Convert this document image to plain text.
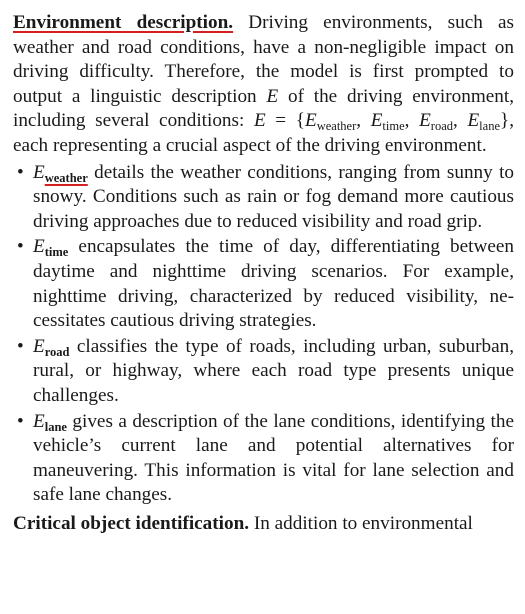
Environment description. Driving environments, such as weather and road conditions, have a non-negligible impact on driving difficulty. Therefore, the model is first prompted to output a linguistic description E of the driving environment, including several conditions: $E = \{E_{weather}$, $E_{time}$, $E_{road}$, $E_{lane}$}, each representing a crucial aspect of the driving environment.

• $E_{weather}$ details the weather conditions, ranging from sunny to snowy. Conditions such as rain or fog demand more cautious driving approaches due to reduced visibility and road grip.
• $E_{time}$ encapsulates the time of day, differentiating between daytime and nighttime driving scenarios. For example, nighttime driving, characterized by reduced visibility, necessitates cautious driving strategies.
• $E_{road}$ classifies the type of roads, including urban, suburban, rural, or highway, where each road type presents unique challenges.
• $E_{lane}$ gives a description of the lane conditions, identifying the vehicle’s current lane and potential alternatives for maneuvering. This information is vital for lane selection and safe lane changes.

Critical object identification. In addition to environmental
